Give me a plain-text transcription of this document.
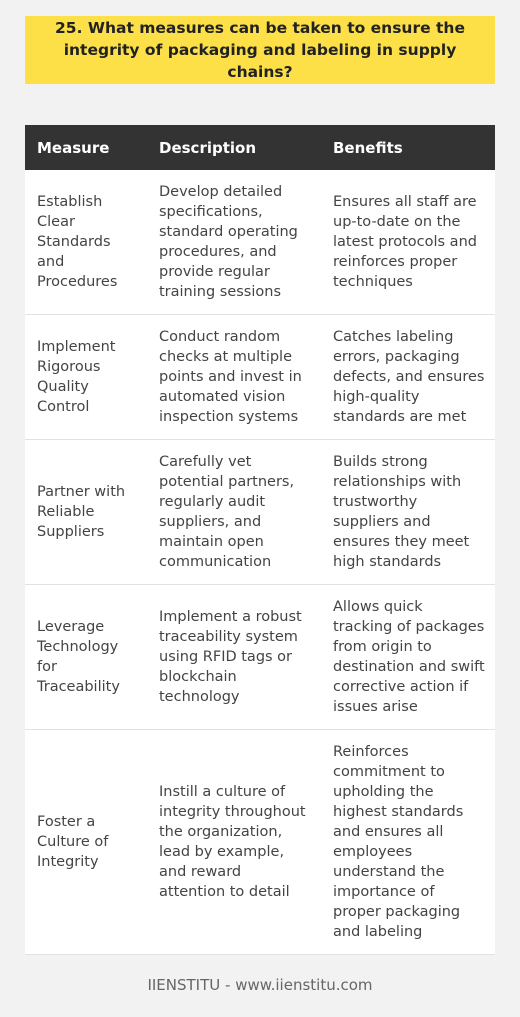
25. What measures can be taken to ensure the integrity of packaging and labeling in supply chains?
Measure	Description	Benefits
Establish Clear Standards and Procedures	Develop detailed specifications, standard operating procedures, and provide regular training sessions	Ensures all staff are up-to-date on the latest protocols and reinforces proper techniques
Implement Rigorous Quality Control	Conduct random checks at multiple points and invest in automated vision inspection systems	Catches labeling errors, packaging defects, and ensures high-quality standards are met
Partner with Reliable Suppliers	Carefully vet potential partners, regularly audit suppliers, and maintain open communication	Builds strong relationships with trustworthy suppliers and ensures they meet high standards
Leverage Technology for Traceability	Implement a robust traceability system using RFID tags or blockchain technology	Allows quick tracking of packages from origin to destination and swift corrective action if issues arise
Foster a Culture of Integrity	Instill a culture of integrity throughout the organization, lead by example, and reward attention to detail	Reinforces commitment to upholding the highest standards and ensures all employees understand the importance of proper packaging and labeling
IIENSTITU - www.iienstitu.com
